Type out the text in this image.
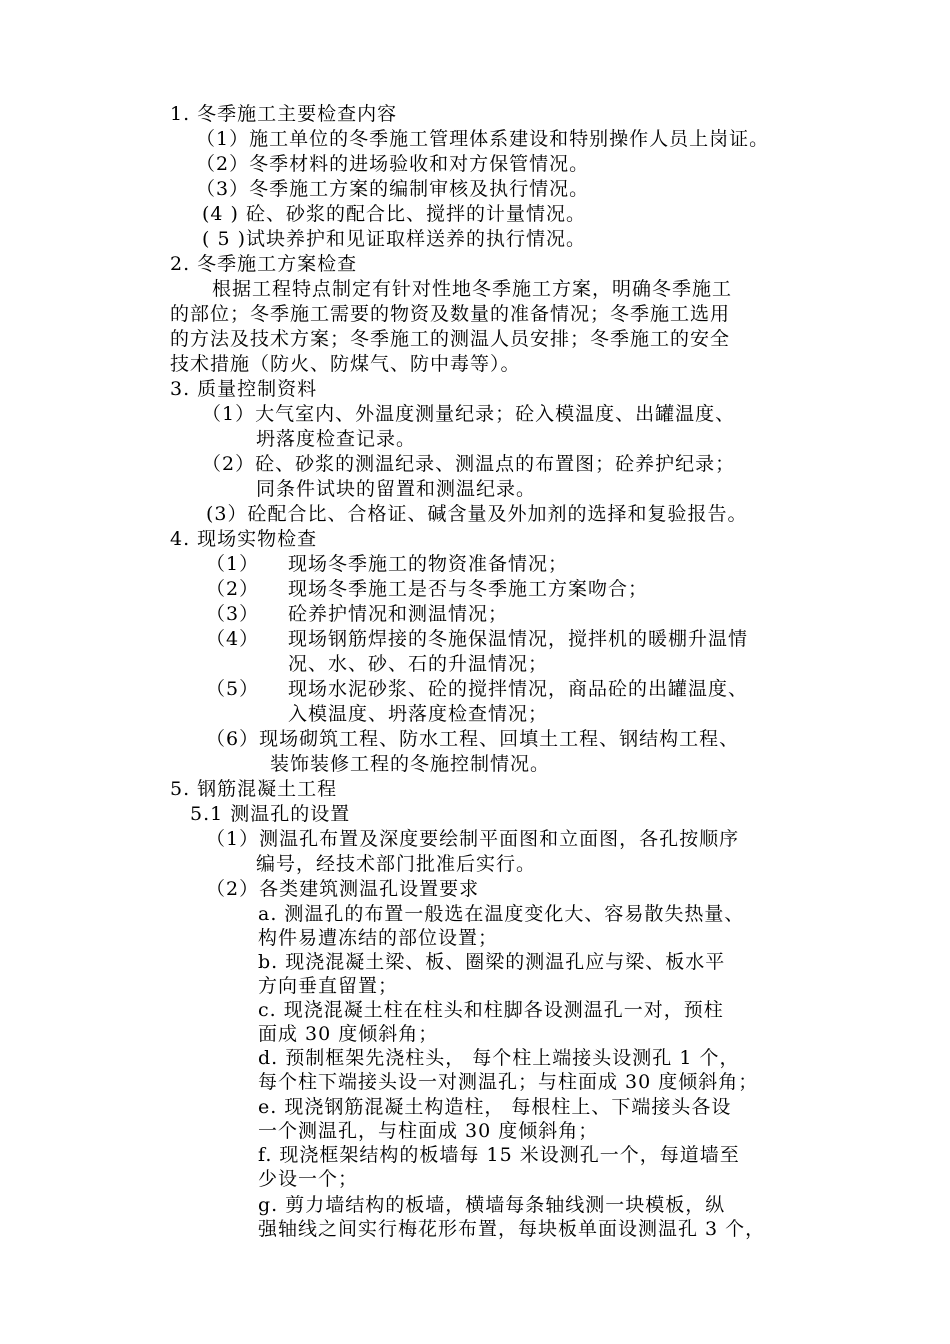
1. 冬季施工主要检查内容
（1）施工单位的冬季施工管理体系建设和特别操作人员上岗证。
（2）冬季材料的进场验收和对方保管情况。
（3）冬季施工方案的编制审核及执行情况。
(4 ) 砼、砂浆的配合比、搅拌的计量情况。
( 5 )试块养护和见证取样送养的执行情况。
2. 冬季施工方案检查
根据工程特点制定有针对性地冬季施工方案，明确冬季施工
的部位；冬季施工需要的物资及数量的准备情况；冬季施工选用
的方法及技术方案；冬季施工的测温人员安排；冬季施工的安全
技术措施（防火、防煤气、防中毒等）。
3. 质量控制资料
（1）大气室内、外温度测量纪录；砼入模温度、出罐温度、
坍落度检查记录。
（2）砼、砂浆的测温纪录、测温点的布置图；砼养护纪录；
同条件试块的留置和测温纪录。
(3）砼配合比、合格证、碱含量及外加剂的选择和复验报告。
4. 现场实物检查
（1） 现场冬季施工的物资准备情况；
（2） 现场冬季施工是否与冬季施工方案吻合；
（3） 砼养护情况和测温情况；
（4） 现场钢筋焊接的冬施保温情况，搅拌机的暖棚升温情
况、水、砂、石的升温情况；
（5） 现场水泥砂浆、砼的搅拌情况，商品砼的出罐温度、
入模温度、坍落度检查情况；
（6）现场砌筑工程、防水工程、回填土工程、钢结构工程、
装饰装修工程的冬施控制情况。
5. 钢筋混凝土工程
5.1 测温孔的设置
（1）测温孔布置及深度要绘制平面图和立面图，各孔按顺序
编号，经技术部门批准后实行。
（2）各类建筑测温孔设置要求
a. 测温孔的布置一般选在温度变化大、容易散失热量、
构件易遭冻结的部位设置；
b. 现浇混凝土梁、板、圈梁的测温孔应与梁、板水平
方向垂直留置；
c. 现浇混凝土柱在柱头和柱脚各设测温孔一对，预柱
面成 30 度倾斜角；
d. 预制框架先浇柱头， 每个柱上端接头设测孔 1 个，
每个柱下端接头设一对测温孔；与柱面成 30 度倾斜角；
e. 现浇钢筋混凝土构造柱， 每根柱上、下端接头各设
一个测温孔，与柱面成 30 度倾斜角；
f. 现浇框架结构的板墙每 15 米设测孔一个，每道墙至
少设一个；
g. 剪力墙结构的板墙，横墙每条轴线测一块模板，纵
强轴线之间实行梅花形布置，每块板单面设测温孔 3 个，
